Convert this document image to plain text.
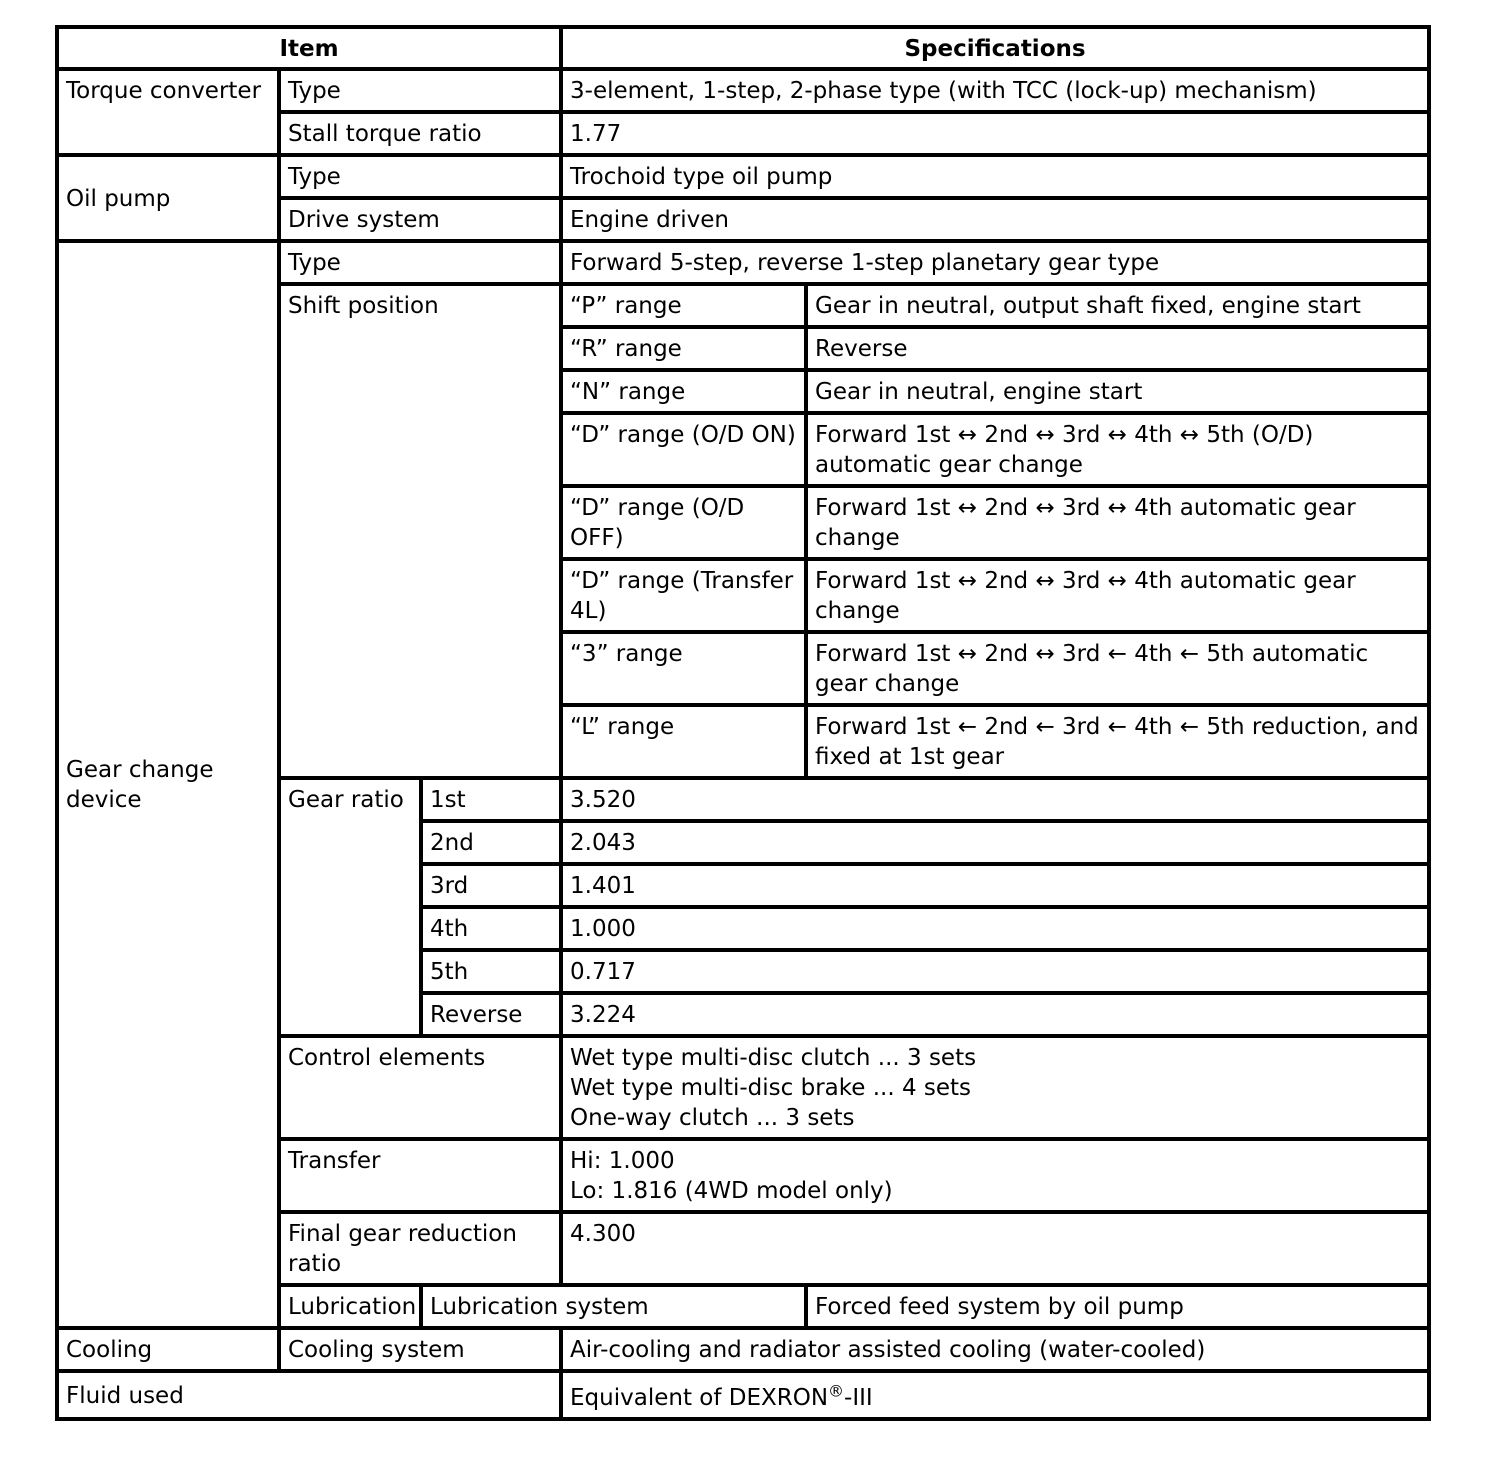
Item			Specifications	
Torque converter	Type		3-element, 1-step, 2-phase type (with TCC (lock-up) mechanism)	
	Stall torque ratio		1.77	
Oil pump	Type		Trochoid type oil pump	
	Drive system		Engine driven	
Gear change device	Type		Forward 5-step, reverse 1-step planetary gear type	
	Shift position		“P” range	Gear in neutral, output shaft fixed, engine start
			“R” range	Reverse
			“N” range	Gear in neutral, engine start
			“D” range (O/D ON)	Forward 1st ↔ 2nd ↔ 3rd ↔ 4th ↔ 5th (O/D) automatic gear change
			“D” range (O/D OFF)	Forward 1st ↔ 2nd ↔ 3rd ↔ 4th automatic gear change
			“D” range (Transfer 4L)	Forward 1st ↔ 2nd ↔ 3rd ↔ 4th automatic gear change
			“3” range	Forward 1st ↔ 2nd ↔ 3rd ← 4th ← 5th automatic gear change
			“L” range	Forward 1st ← 2nd ← 3rd ← 4th ← 5th reduction, and fixed at 1st gear
	Gear ratio	1st	3.520	
		2nd	2.043	
		3rd	1.401	
		4th	1.000	
		5th	0.717	
		Reverse	3.224	
	Control elements		Wet type multi-disc clutch ... 3 sets
Wet type multi-disc brake ... 4 sets
One-way clutch ... 3 sets	

	Transfer		Hi: 1.000
Lo: 1.816 (4WD model only)	

	Final gear reduction ratio		4.300	
	Lubrication	Lubrication system		Forced feed system by oil pump
Cooling	Cooling system		Air-cooling and radiator assisted cooling (water-cooled)	
Fluid used			Equivalent of DEXRON®-III	
